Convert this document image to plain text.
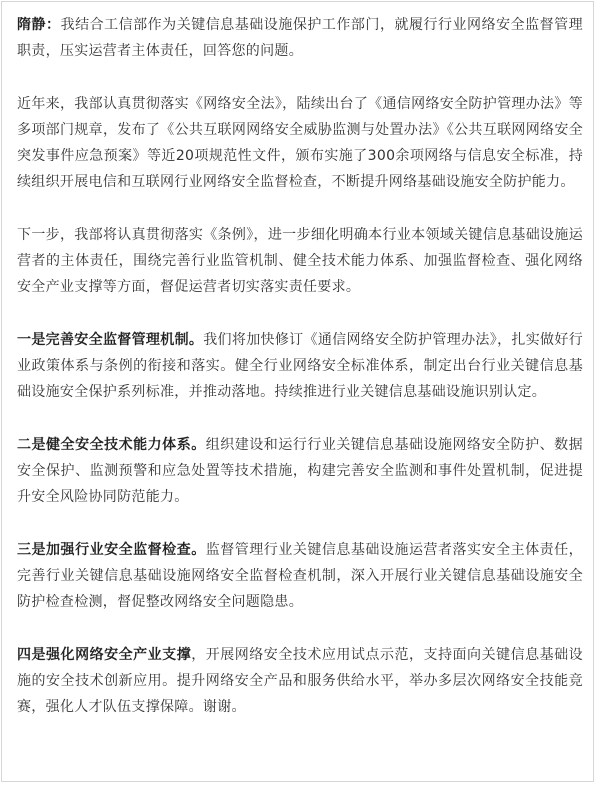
隋静：我结合工信部作为关键信息基础设施保护工作部门，就履行行业网络安全监督管理职责，压实运营者主体责任，回答您的问题。

近年来，我部认真贯彻落实《网络安全法》，陆续出台了《通信网络安全防护管理办法》等多项部门规章，发布了《公共互联网网络安全威胁监测与处置办法》《公共互联网网络安全突发事件应急预案》等近20项规范性文件，颁布实施了300余项网络与信息安全标准，持续组织开展电信和互联网行业网络安全监督检查，不断提升网络基础设施安全防护能力。

下一步，我部将认真贯彻落实《条例》，进一步细化明确本行业本领域关键信息基础设施运营者的主体责任，围绕完善行业监管机制、健全技术能力体系、加强监督检查、强化网络安全产业支撑等方面，督促运营者切实落实责任要求。

一是完善安全监督管理机制。我们将加快修订《通信网络安全防护管理办法》，扎实做好行业政策体系与条例的衔接和落实。健全行业网络安全标准体系，制定出台行业关键信息基础设施安全保护系列标准，并推动落地。持续推进行业关键信息基础设施识别认定。

二是健全安全技术能力体系。组织建设和运行行业关键信息基础设施网络安全防护、数据安全保护、监测预警和应急处置等技术措施，构建完善安全监测和事件处置机制，促进提升安全风险协同防范能力。

三是加强行业安全监督检查。监督管理行业关键信息基础设施运营者落实安全主体责任，完善行业关键信息基础设施网络安全监督检查机制，深入开展行业关键信息基础设施安全防护检查检测，督促整改网络安全问题隐患。

四是强化网络安全产业支撑，开展网络安全技术应用试点示范，支持面向关键信息基础设施的安全技术创新应用。提升网络安全产品和服务供给水平，举办多层次网络安全技能竞赛，强化人才队伍支撑保障。谢谢。
